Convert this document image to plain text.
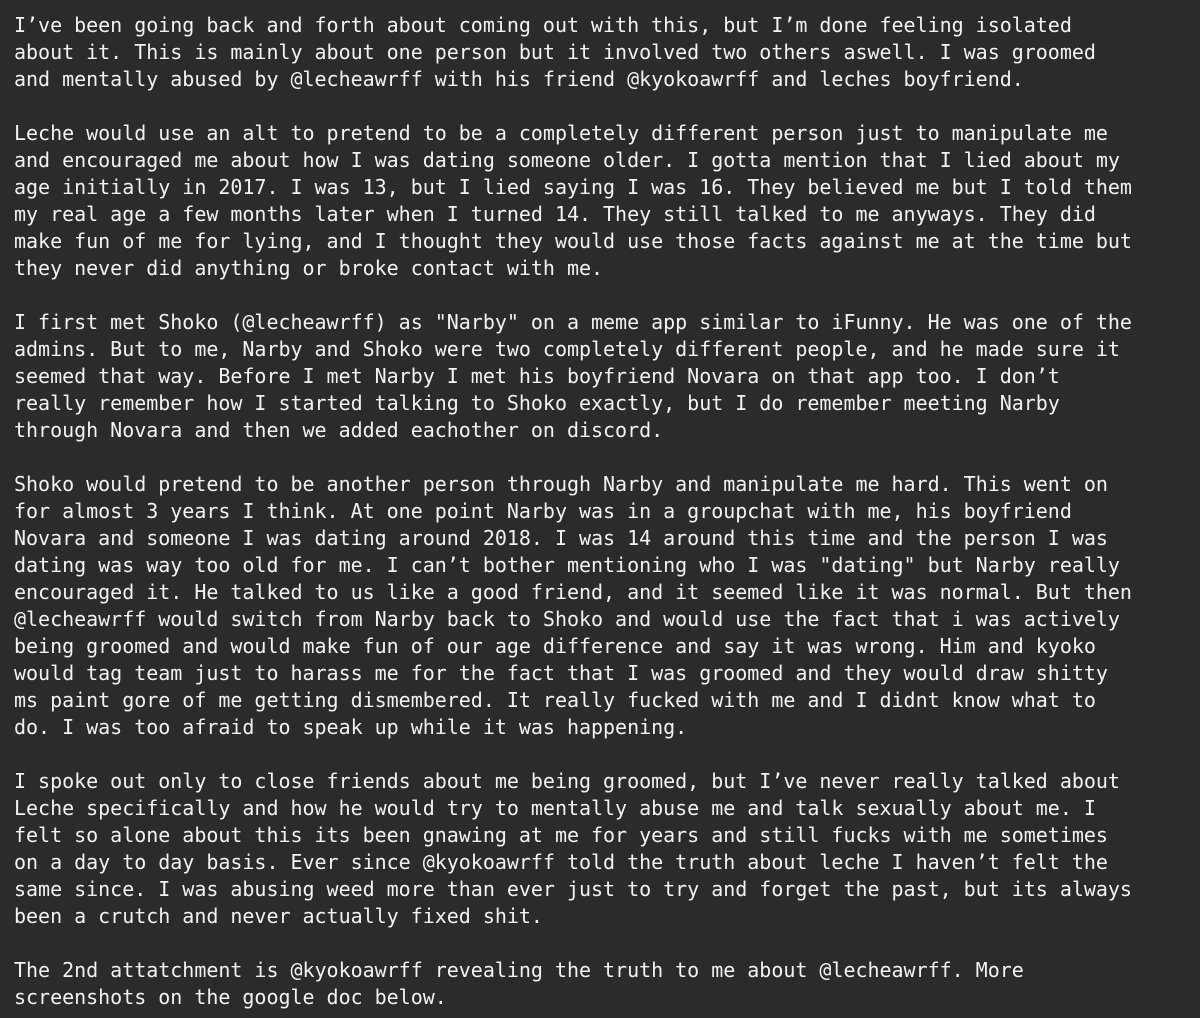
I’ve been going back and forth about coming out with this, but I’m done feeling isolated
about it. This is mainly about one person but it involved two others aswell. I was groomed
and mentally abused by @lecheawrff with his friend @kyokoawrff and leches boyfriend.

Leche would use an alt to pretend to be a completely different person just to manipulate me
and encouraged me about how I was dating someone older. I gotta mention that I lied about my
age initially in 2017. I was 13, but I lied saying I was 16. They believed me but I told them
my real age a few months later when I turned 14. They still talked to me anyways. They did
make fun of me for lying, and I thought they would use those facts against me at the time but
they never did anything or broke contact with me.

I first met Shoko (@lecheawrff) as "Narby" on a meme app similar to iFunny. He was one of the
admins. But to me, Narby and Shoko were two completely different people, and he made sure it
seemed that way. Before I met Narby I met his boyfriend Novara on that app too. I don’t
really remember how I started talking to Shoko exactly, but I do remember meeting Narby
through Novara and then we added eachother on discord.

Shoko would pretend to be another person through Narby and manipulate me hard. This went on
for almost 3 years I think. At one point Narby was in a groupchat with me, his boyfriend
Novara and someone I was dating around 2018. I was 14 around this time and the person I was
dating was way too old for me. I can’t bother mentioning who I was "dating" but Narby really
encouraged it. He talked to us like a good friend, and it seemed like it was normal. But then
@lecheawrff would switch from Narby back to Shoko and would use the fact that i was actively
being groomed and would make fun of our age difference and say it was wrong. Him and kyoko
would tag team just to harass me for the fact that I was groomed and they would draw shitty
ms paint gore of me getting dismembered. It really fucked with me and I didnt know what to
do. I was too afraid to speak up while it was happening.

I spoke out only to close friends about me being groomed, but I’ve never really talked about
Leche specifically and how he would try to mentally abuse me and talk sexually about me. I
felt so alone about this its been gnawing at me for years and still fucks with me sometimes
on a day to day basis. Ever since @kyokoawrff told the truth about leche I haven’t felt the
same since. I was abusing weed more than ever just to try and forget the past, but its always
been a crutch and never actually fixed shit.

The 2nd attatchment is @kyokoawrff revealing the truth to me about @lecheawrff. More
screenshots on the google doc below.
